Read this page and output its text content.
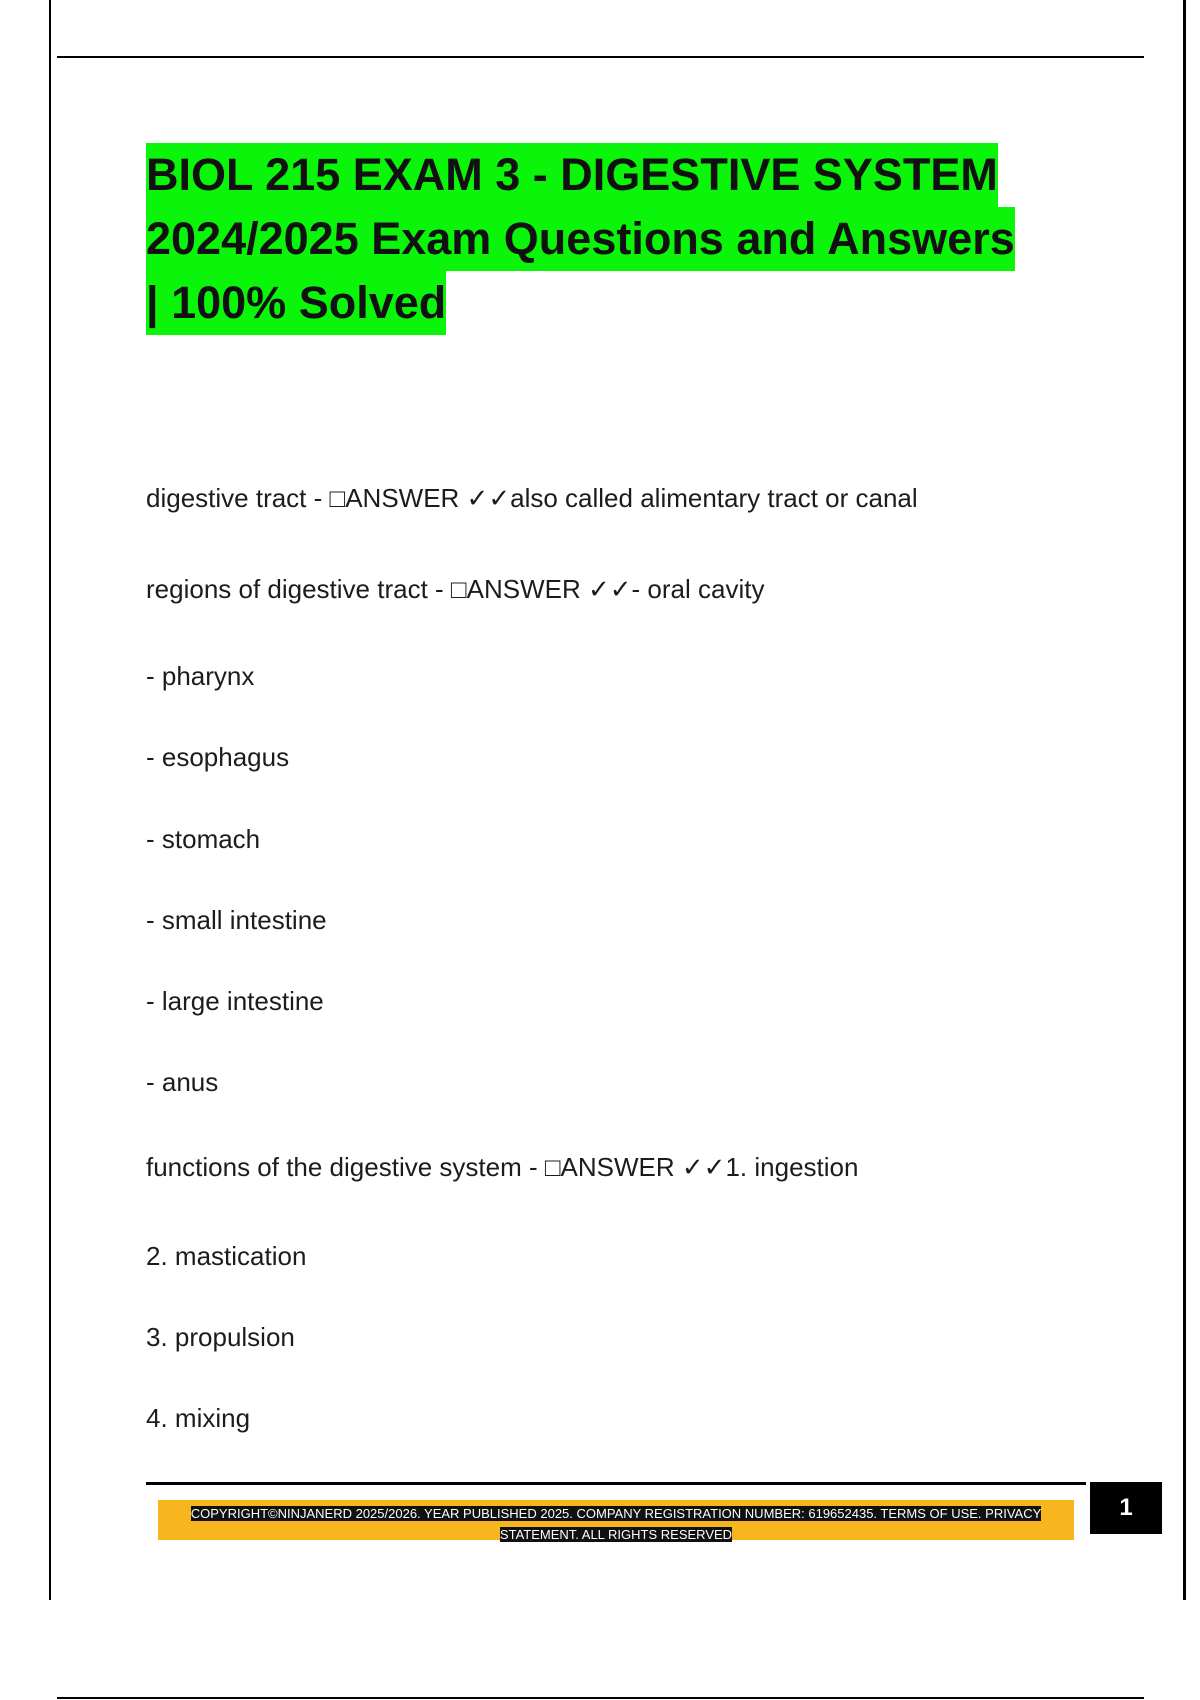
BIOL 215 EXAM 3 - DIGESTIVE SYSTEM
2024/2025 Exam Questions and Answers
| 100% Solved
digestive tract - □ANSWER ✓✓also called alimentary tract or canal
regions of digestive tract - □ANSWER ✓✓- oral cavity
- pharynx
- esophagus
- stomach
- small intestine
- large intestine
- anus
functions of the digestive system - □ANSWER ✓✓1. ingestion
2. mastication
3. propulsion
4. mixing
COPYRIGHT©NINJANERD 2025/2026. YEAR PUBLISHED 2025. COMPANY REGISTRATION NUMBER: 619652435. TERMS OF USE. PRIVACY
STATEMENT. ALL RIGHTS RESERVED
1
